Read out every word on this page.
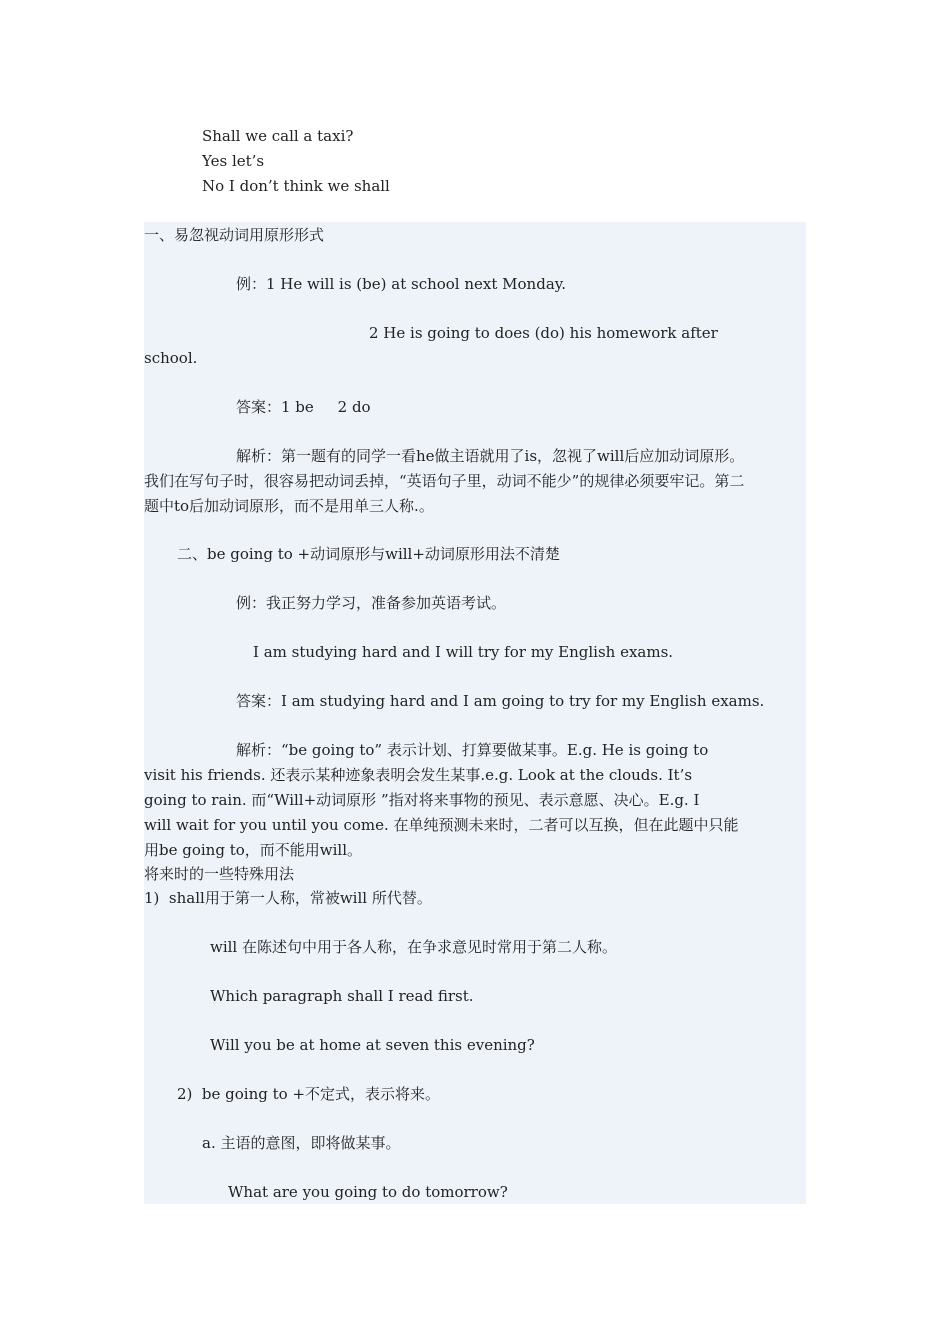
Shall we call a taxi?
Yes let’s
No I don’t think we shall
一、易忽视动词用原形形式
例：1 He will is (be) at school next Monday.
2 He is going to does (do) his homework after
school.
答案：1 be     2 do
解析：第一题有的同学一看he做主语就用了is，忽视了will后应加动词原形。
我们在写句子时，很容易把动词丢掉，“英语句子里，动词不能少”的规律必须要牢记。第二
题中to后加动词原形，而不是用单三人称.。
二、be going to +动词原形与will+动词原形用法不清楚
例：我正努力学习，准备参加英语考试。
I am studying hard and I will try for my English exams.
答案：I am studying hard and I am going to try for my English exams.
解析：“be going to” 表示计划、打算要做某事。E.g. He is going to
visit his friends. 还表示某种迹象表明会发生某事.e.g. Look at the clouds. It’s
going to rain. 而“Will+动词原形 ”指对将来事物的预见、表示意愿、决心。E.g. I
will wait for you until you come. 在单纯预测未来时，二者可以互换，但在此题中只能
用be going to，而不能用will。
将来时的一些特殊用法
1)  shall用于第一人称，常被will 所代替。
will 在陈述句中用于各人称，在争求意见时常用于第二人称。
Which paragraph shall I read first.
Will you be at home at seven this evening?
2)  be going to +不定式，表示将来。
a. 主语的意图，即将做某事。
What are you going to do tomorrow?
